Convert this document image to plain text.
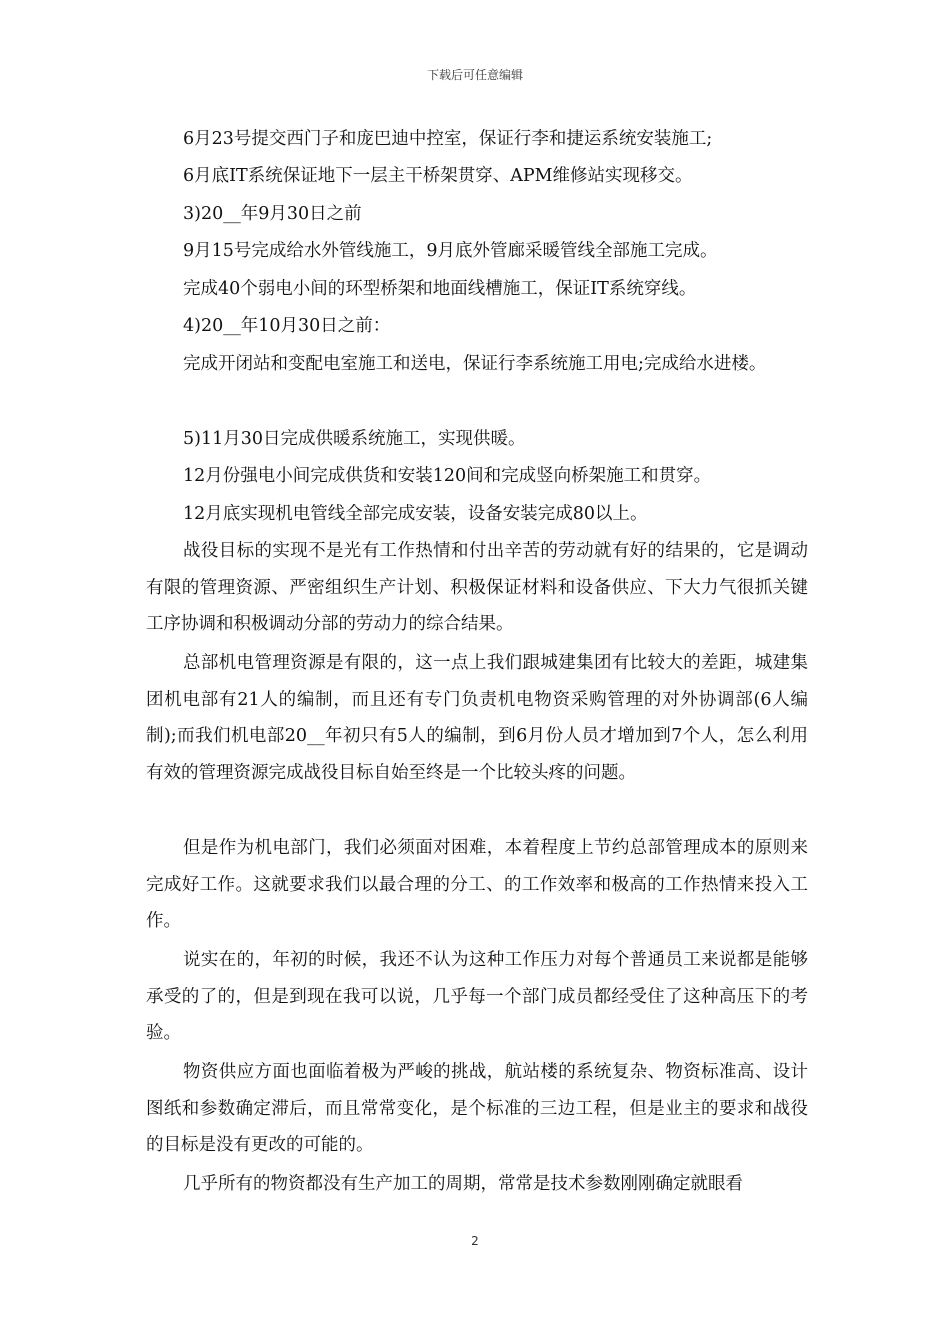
下载后可任意编辑
6月23号提交西门子和庞巴迪中控室，保证行李和捷运系统安装施工;
6月底IT系统保证地下一层主干桥架贯穿、APM维修站实现移交。
3)20__年9月30日之前
9月15号完成给水外管线施工，9月底外管廊采暖管线全部施工完成。
完成40个弱电小间的环型桥架和地面线槽施工，保证IT系统穿线。
4)20__年10月30日之前：
完成开闭站和变配电室施工和送电，保证行李系统施工用电;完成给水进楼。
5)11月30日完成供暖系统施工，实现供暖。
12月份强电小间完成供货和安装120间和完成竖向桥架施工和贯穿。
12月底实现机电管线全部完成安装，设备安装完成80以上。

战役目标的实现不是光有工作热情和付出辛苦的劳动就有好的结果的，它是调动有限的管理资源、严密组织生产计划、积极保证材料和设备供应、下大力气很抓关键工序协调和积极调动分部的劳动力的综合结果。

总部机电管理资源是有限的，这一点上我们跟城建集团有比较大的差距，城建集团机电部有21人的编制，而且还有专门负责机电物资采购管理的对外协调部(6人编制);而我们机电部20__年初只有5人的编制，到6月份人员才增加到7个人，怎么利用有效的管理资源完成战役目标自始至终是一个比较头疼的问题。

但是作为机电部门，我们必须面对困难，本着程度上节约总部管理成本的原则来完成好工作。这就要求我们以最合理的分工、的工作效率和极高的工作热情来投入工作。

说实在的，年初的时候，我还不认为这种工作压力对每个普通员工来说都是能够承受的了的，但是到现在我可以说，几乎每一个部门成员都经受住了这种高压下的考验。

物资供应方面也面临着极为严峻的挑战，航站楼的系统复杂、物资标准高、设计图纸和参数确定滞后，而且常常变化，是个标准的三边工程，但是业主的要求和战役的目标是没有更改的可能的。

几乎所有的物资都没有生产加工的周期，常常是技术参数刚刚确定就眼看

2
